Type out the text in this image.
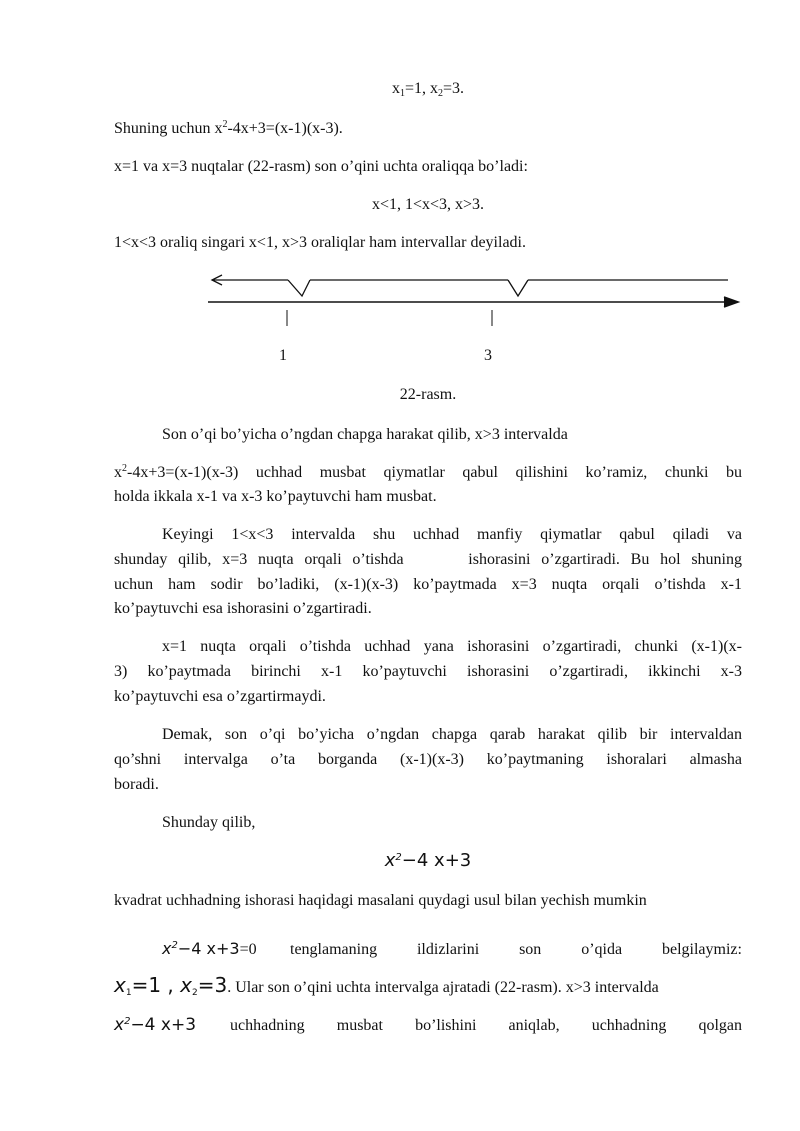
$x_1=1$, $x_2=3$.
Shuning uchun $x^2-4x+3=(x-1)(x-3)$.
x=1 va x=3 nuqtalar (22-rasm) son o’qini uchta oraliqqa bo’ladi:
x<1, 1<x<3, x>3.
1<x<3 oraliq singari x<1, x>3 oraliqlar ham intervallar deyiladi.
1	3
22-rasm.
Son o’qi bo’yicha o’ngdan chapga harakat qilib, x>3 intervalda
$x^2-4x+3=(x-1)(x-3)$ uchhad musbat qiymatlar qabul qilishini ko’ramiz, chunki bu
holda ikkala x-1 va x-3 ko’paytuvchi ham musbat.
Keyingi 1<x<3 intervalda shu uchhad manfiy qiymatlar qabul qiladi va
shunday qilib, x=3 nuqta orqali o’tishda      ishorasini o’zgartiradi. Bu hol shuning
uchun ham sodir bo’ladiki, (x-1)(x-3) ko’paytmada x=3 nuqta orqali o’tishda x-1
ko’paytuvchi esa ishorasini o’zgartiradi.
x=1 nuqta orqali o’tishda uchhad yana ishorasini o’zgartiradi, chunki (x-1)(x-
3) ko’paytmada birinchi x-1 ko’paytuvchi ishorasini o’zgartiradi, ikkinchi x-3
ko’paytuvchi esa o’zgartirmaydi.
Demak, son o’qi bo’yicha o’ngdan chapga qarab harakat qilib bir intervaldan
qo’shni intervalga o’ta borganda (x-1)(x-3) ko’paytmaning ishoralari almasha
boradi.
Shunday qilib,
$x^2-4$ x+3
kvadrat uchhadning ishorasi haqidagi masalani quydagi usul bilan yechish mumkin
$x^2-4$ x+3=0 tenglamaning ildizlarini son o’qida belgilaymiz:
$x_1=1$ , $x_2=3$ . Ular son o’qini uchta intervalga ajratadi (22-rasm). x>3 intervalda
$x^2-4$ x+3 uchhadning musbat bo’lishini aniqlab, uchhadning qolgan
